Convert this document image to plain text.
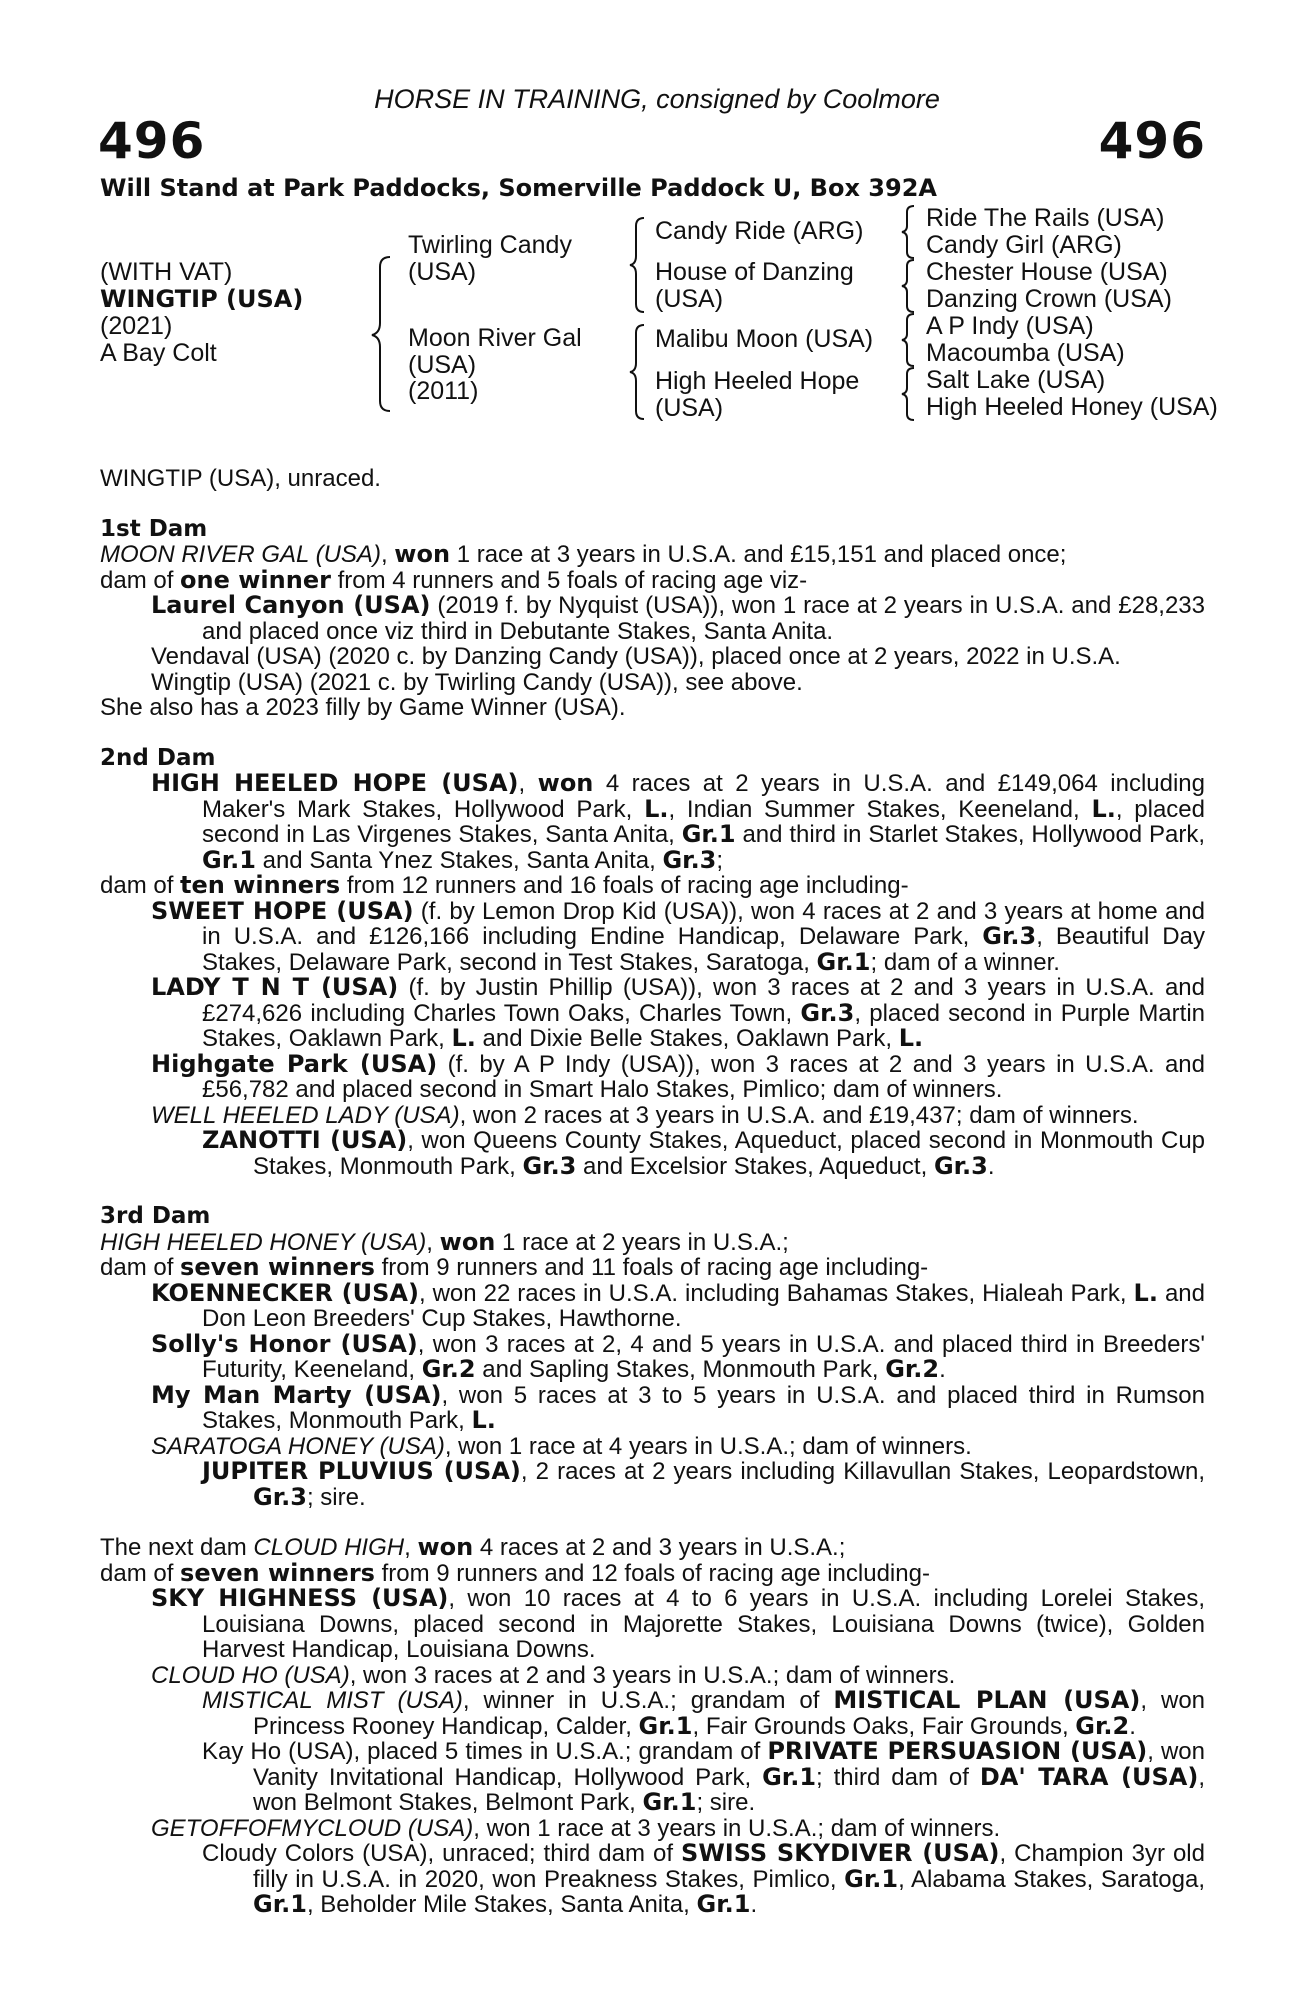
HORSE IN TRAINING, consigned by Coolmore
496	496
Will Stand at Park Paddocks, Somerville Paddock U, Box 392A
(WITH VAT)
WINGTIP (USA)
(2021)
A Bay Colt
Twirling Candy
(USA)
Moon River Gal
(USA)
(2011)
Candy Ride (ARG)
House of Danzing
(USA)
Malibu Moon (USA)
High Heeled Hope
(USA)
Ride The Rails (USA)
Candy Girl (ARG)
Chester House (USA)
Danzing Crown (USA)
A P Indy (USA)
Macoumba (USA)
Salt Lake (USA)
High Heeled Honey (USA)

WINGTIP (USA), unraced.

1st Dam

MOON RIVER GAL (USA), won 1 race at 3 years in U.S.A. and £15,151 and placed once;

dam of one winner from 4 runners and 5 foals of racing age viz-

Laurel Canyon (USA) (2019 f. by Nyquist (USA)), won 1 race at 2 years in U.S.A. and £28,233 and placed once viz third in Debutante Stakes, Santa Anita.

Vendaval (USA) (2020 c. by Danzing Candy (USA)), placed once at 2 years, 2022 in U.S.A.

Wingtip (USA) (2021 c. by Twirling Candy (USA)), see above.

She also has a 2023 filly by Game Winner (USA).

2nd Dam

HIGH HEELED HOPE (USA), won 4 races at 2 years in U.S.A. and £149,064 including Maker's Mark Stakes, Hollywood Park, L., Indian Summer Stakes, Keeneland, L., placed second in Las Virgenes Stakes, Santa Anita, Gr.1 and third in Starlet Stakes, Hollywood Park, Gr.1 and Santa Ynez Stakes, Santa Anita, Gr.3;

dam of ten winners from 12 runners and 16 foals of racing age including-

SWEET HOPE (USA) (f. by Lemon Drop Kid (USA)), won 4 races at 2 and 3 years at home and in U.S.A. and £126,166 including Endine Handicap, Delaware Park, Gr.3, Beautiful Day Stakes, Delaware Park, second in Test Stakes, Saratoga, Gr.1; dam of a winner.

LADY T N T (USA) (f. by Justin Phillip (USA)), won 3 races at 2 and 3 years in U.S.A. and £274,626 including Charles Town Oaks, Charles Town, Gr.3, placed second in Purple Martin Stakes, Oaklawn Park, L. and Dixie Belle Stakes, Oaklawn Park, L.

Highgate Park (USA) (f. by A P Indy (USA)), won 3 races at 2 and 3 years in U.S.A. and £56,782 and placed second in Smart Halo Stakes, Pimlico; dam of winners.

WELL HEELED LADY (USA), won 2 races at 3 years in U.S.A. and £19,437; dam of winners.

ZANOTTI (USA), won Queens County Stakes, Aqueduct, placed second in Monmouth Cup Stakes, Monmouth Park, Gr.3 and Excelsior Stakes, Aqueduct, Gr.3.

3rd Dam

HIGH HEELED HONEY (USA), won 1 race at 2 years in U.S.A.;

dam of seven winners from 9 runners and 11 foals of racing age including-

KOENNECKER (USA), won 22 races in U.S.A. including Bahamas Stakes, Hialeah Park, L. and Don Leon Breeders' Cup Stakes, Hawthorne.

Solly's Honor (USA), won 3 races at 2, 4 and 5 years in U.S.A. and placed third in Breeders' Futurity, Keeneland, Gr.2 and Sapling Stakes, Monmouth Park, Gr.2.

My Man Marty (USA), won 5 races at 3 to 5 years in U.S.A. and placed third in Rumson Stakes, Monmouth Park, L.

SARATOGA HONEY (USA), won 1 race at 4 years in U.S.A.; dam of winners.

JUPITER PLUVIUS (USA), 2 races at 2 years including Killavullan Stakes, Leopardstown, Gr.3; sire.

The next dam CLOUD HIGH, won 4 races at 2 and 3 years in U.S.A.;

dam of seven winners from 9 runners and 12 foals of racing age including-

SKY HIGHNESS (USA), won 10 races at 4 to 6 years in U.S.A. including Lorelei Stakes, Louisiana Downs, placed second in Majorette Stakes, Louisiana Downs (twice), Golden Harvest Handicap, Louisiana Downs.

CLOUD HO (USA), won 3 races at 2 and 3 years in U.S.A.; dam of winners.

MISTICAL MIST (USA), winner in U.S.A.; grandam of MISTICAL PLAN (USA), won Princess Rooney Handicap, Calder, Gr.1, Fair Grounds Oaks, Fair Grounds, Gr.2.

Kay Ho (USA), placed 5 times in U.S.A.; grandam of PRIVATE PERSUASION (USA), won Vanity Invitational Handicap, Hollywood Park, Gr.1; third dam of DA' TARA (USA), won Belmont Stakes, Belmont Park, Gr.1; sire.

GETOFFOFMYCLOUD (USA), won 1 race at 3 years in U.S.A.; dam of winners.

Cloudy Colors (USA), unraced; third dam of SWISS SKYDIVER (USA), Champion 3yr old filly in U.S.A. in 2020, won Preakness Stakes, Pimlico, Gr.1, Alabama Stakes, Saratoga, Gr.1, Beholder Mile Stakes, Santa Anita, Gr.1.
